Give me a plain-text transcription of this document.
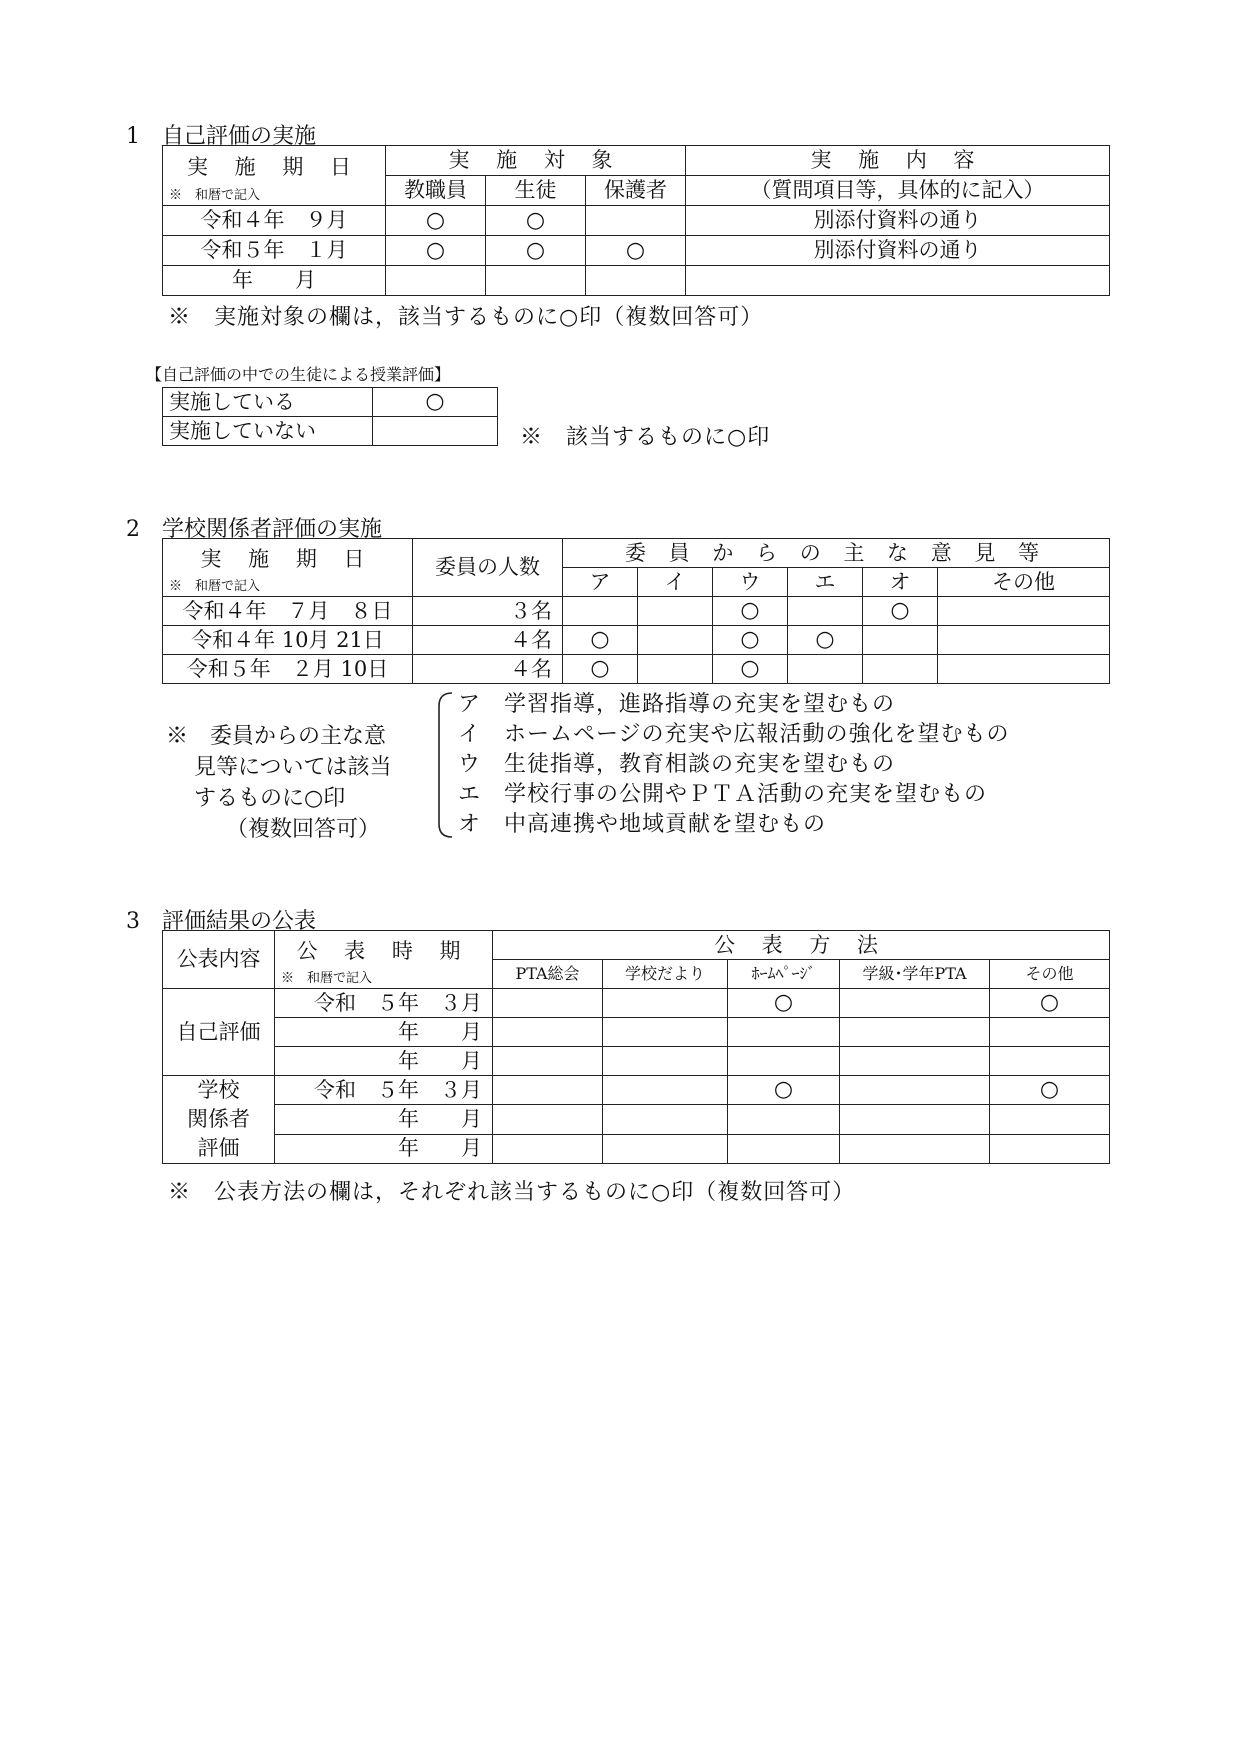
1　自己評価の実施
実 施 期 日
※　和暦で記入	実 施 対 象			実 施 内 容
	教職員	生徒	保護者	（質問項目等，具体的に記入）
令和４年　９月	○	○		別添付資料の通り
令和５年　１月	○	○	○	別添付資料の通り
年　　月				
※　実施対象の欄は，該当するものに○印（複数回答可）
【自己評価の中での生徒による授業評価】
実施している	○
実施していない		※　該当するものに○印
2　学校関係者評価の実施
実 施 期 日
※　和暦で記入	委員の人数	委 員 か ら の 主 な 意 見 等					
		ア	イ	ウ	エ	オ	その他
令和４年　７月　８日	３名			○		○	
令和４年 10月 21日	４名	○		○	○		
令和５年　２月 10日	４名	○		○			
※　委員からの主な意
見等については該当
するものに○印
（複数回答可）
ア　学習指導，進路指導の充実を望むもの
イ　ホームページの充実や広報活動の強化を望むもの
ウ　生徒指導，教育相談の充実を望むもの
エ　学校行事の公開やＰＴＡ活動の充実を望むもの
オ　中高連携や地域貢献を望むもの
3　評価結果の公表
公表内容	公 表 時 期
※　和暦で記入	公 表 方 法				
		PTA総会	学校だより	ﾎｰﾑﾍﾟｰｼﾞ	学級･学年PTA	その他
自己評価	令和　５年　３月			○		○
	年　　月					
	年　　月					

学校
関係者
評価	令和　５年　３月			○		○
	年　　月					
	年　　月					
※　公表方法の欄は，それぞれ該当するものに○印（複数回答可）
